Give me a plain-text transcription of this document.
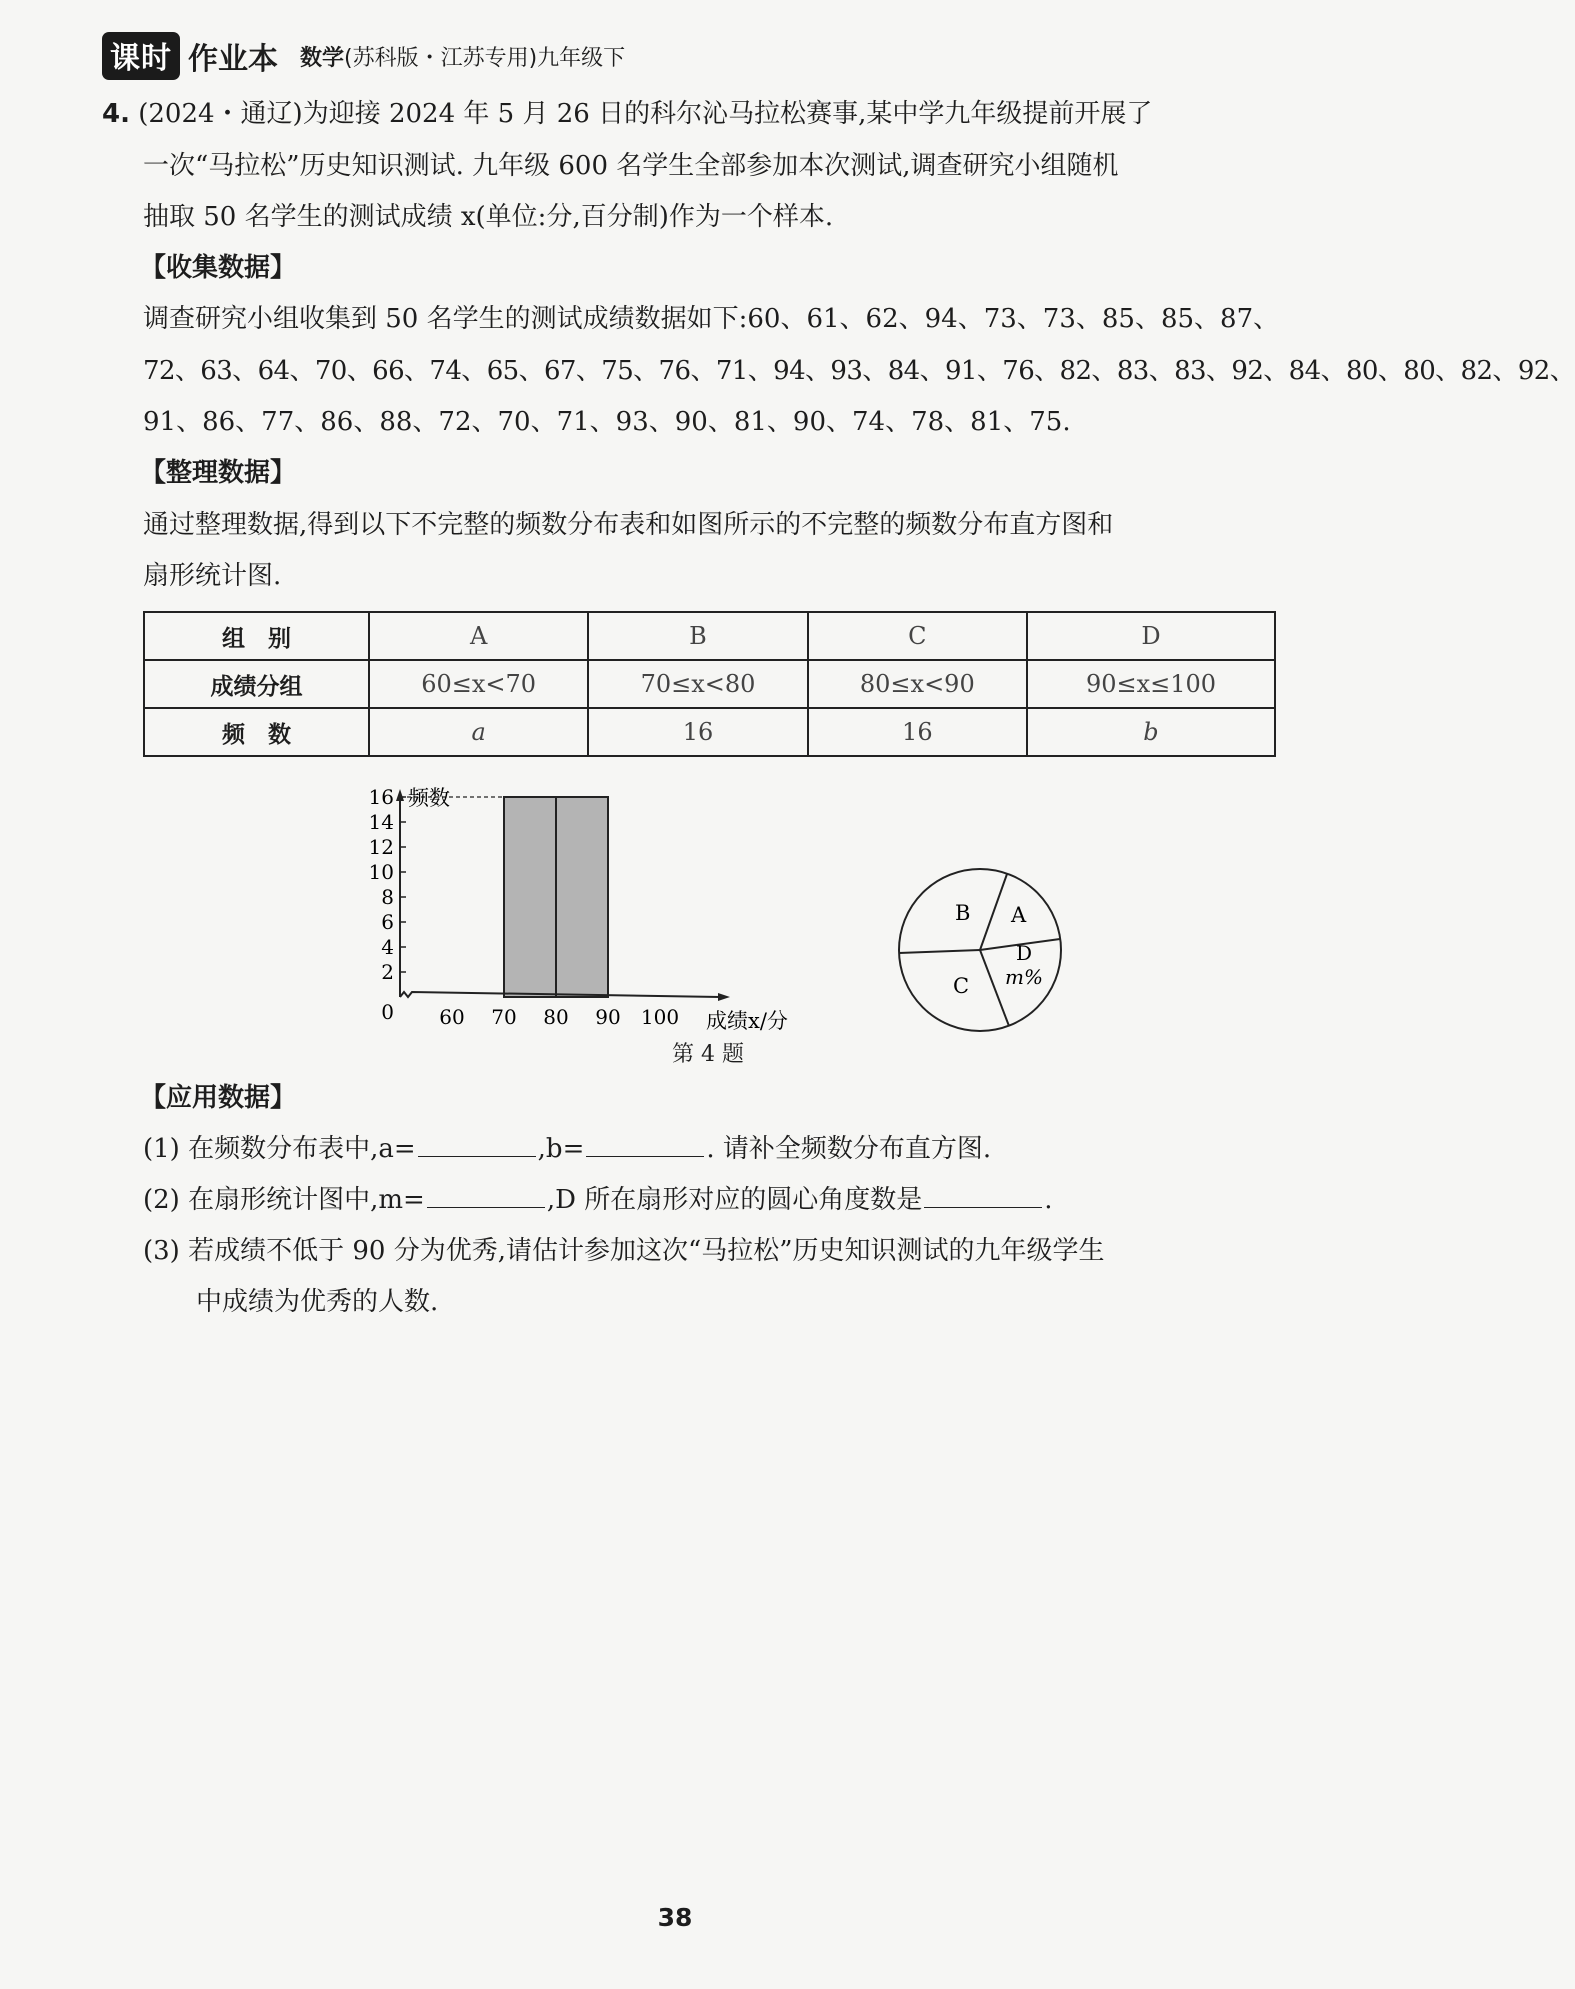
课时 作业本 数学(苏科版・江苏专用)九年级下
4. (2024・通辽)为迎接 2024 年 5 月 26 日的科尔沁马拉松赛事,某中学九年级提前开展了
一次“马拉松”历史知识测试. 九年级 600 名学生全部参加本次测试,调查研究小组随机
抽取 50 名学生的测试成绩 x(单位:分,百分制)作为一个样本.
【收集数据】
调查研究小组收集到 50 名学生的测试成绩数据如下:60、61、62、94、73、73、85、85、87、
72、63、64、70、66、74、65、67、75、76、71、94、93、84、91、76、82、83、83、92、84、80、80、82、92、
91、86、77、86、88、72、70、71、93、90、81、90、74、78、81、75.
【整理数据】
通过整理数据,得到以下不完整的频数分布表和如图所示的不完整的频数分布直方图和
扇形统计图.
组　别	A	B	C	D
成绩分组	60≤x<70	70≤x<80	80≤x<90	90≤x≤100
频　数	a	16	16	b
0
2
4
6
8
10
12
14
16
60 70 80 90 100
频数
成绩x/分
B A
D
m%
C
第 4 题
【应用数据】
(1) 在频数分布表中,a=	,b=	. 请补全频数分布直方图.
(2) 在扇形统计图中,m=	,D 所在扇形对应的圆心角度数是	.
(3) 若成绩不低于 90 分为优秀,请估计参加这次“马拉松”历史知识测试的九年级学生
中成绩为优秀的人数.
38
